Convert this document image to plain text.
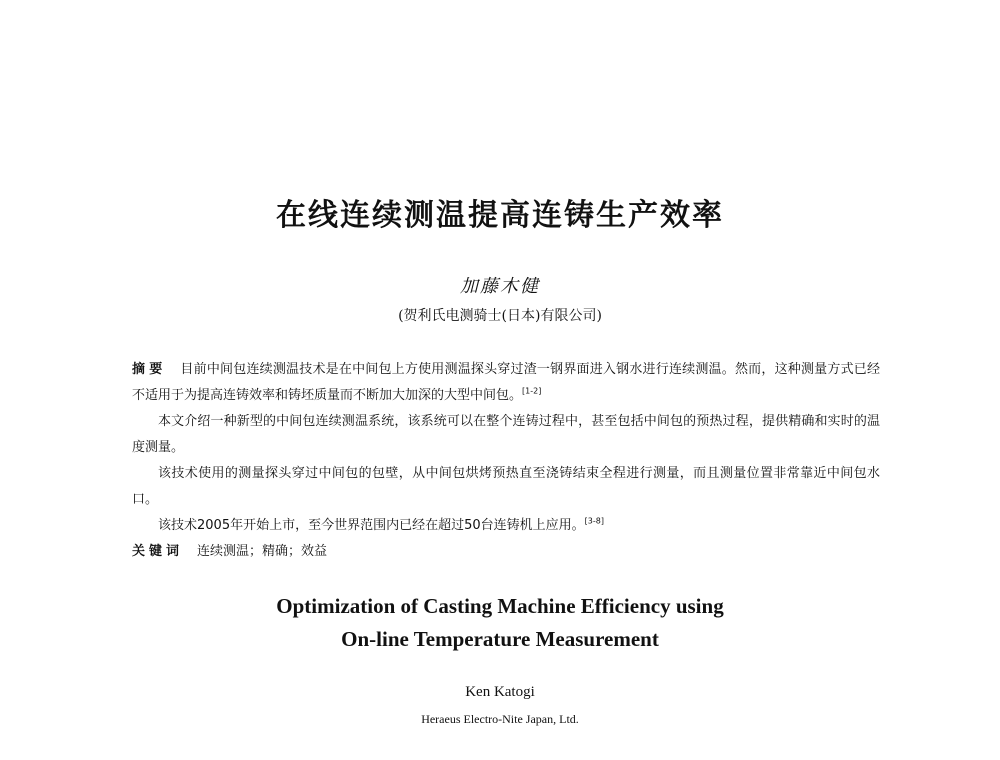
在线连续测温提高连铸生产效率
加藤木健
(贺利氏电测骑士(日本)有限公司)

摘要 目前中间包连续测温技术是在中间包上方使用测温探头穿过渣一钢界面进入钢水进行连续测温。然而，这种测量方式已经不适用于为提高连铸效率和铸坯质量而不断加大加深的大型中间包。[1-2]

本文介绍一种新型的中间包连续测温系统，该系统可以在整个连铸过程中，甚至包括中间包的预热过程，提供精确和实时的温度测量。

该技术使用的测量探头穿过中间包的包壁，从中间包烘烤预热直至浇铸结束全程进行测量，而且测量位置非常靠近中间包水口。

该技术2005年开始上市，至今世界范围内已经在超过50台连铸机上应用。[3-8]

关键词 连续测温；精确；效益

Optimization of Casting Machine Efficiency using
On-line Temperature Measurement
Ken Katogi
Heraeus Electro-Nite Japan, Ltd.
